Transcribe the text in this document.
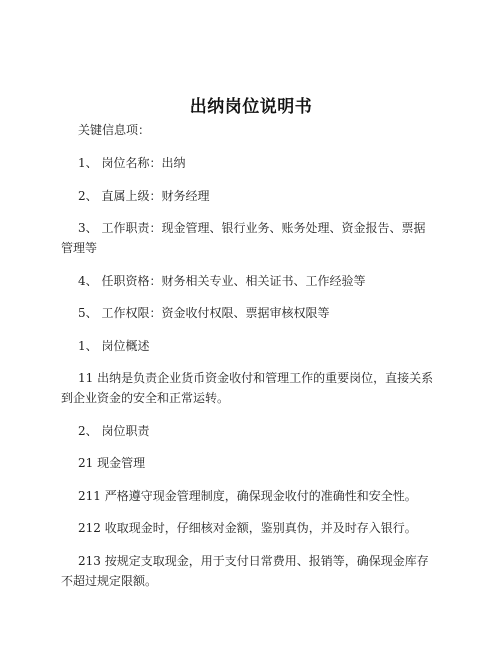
出纳岗位说明书
关键信息项：
1、 岗位名称：出纳
2、 直属上级：财务经理
3、 工作职责：现金管理、银行业务、账务处理、资金报告、票据
管理等
4、 任职资格：财务相关专业、相关证书、工作经验等
5、 工作权限：资金收付权限、票据审核权限等
1、 岗位概述
11 出纳是负责企业货币资金收付和管理工作的重要岗位，直接关系
到企业资金的安全和正常运转。
2、 岗位职责
21 现金管理
211 严格遵守现金管理制度，确保现金收付的准确性和安全性。
212 收取现金时，仔细核对金额，鉴别真伪，并及时存入银行。
213 按规定支取现金，用于支付日常费用、报销等，确保现金库存
不超过规定限额。
